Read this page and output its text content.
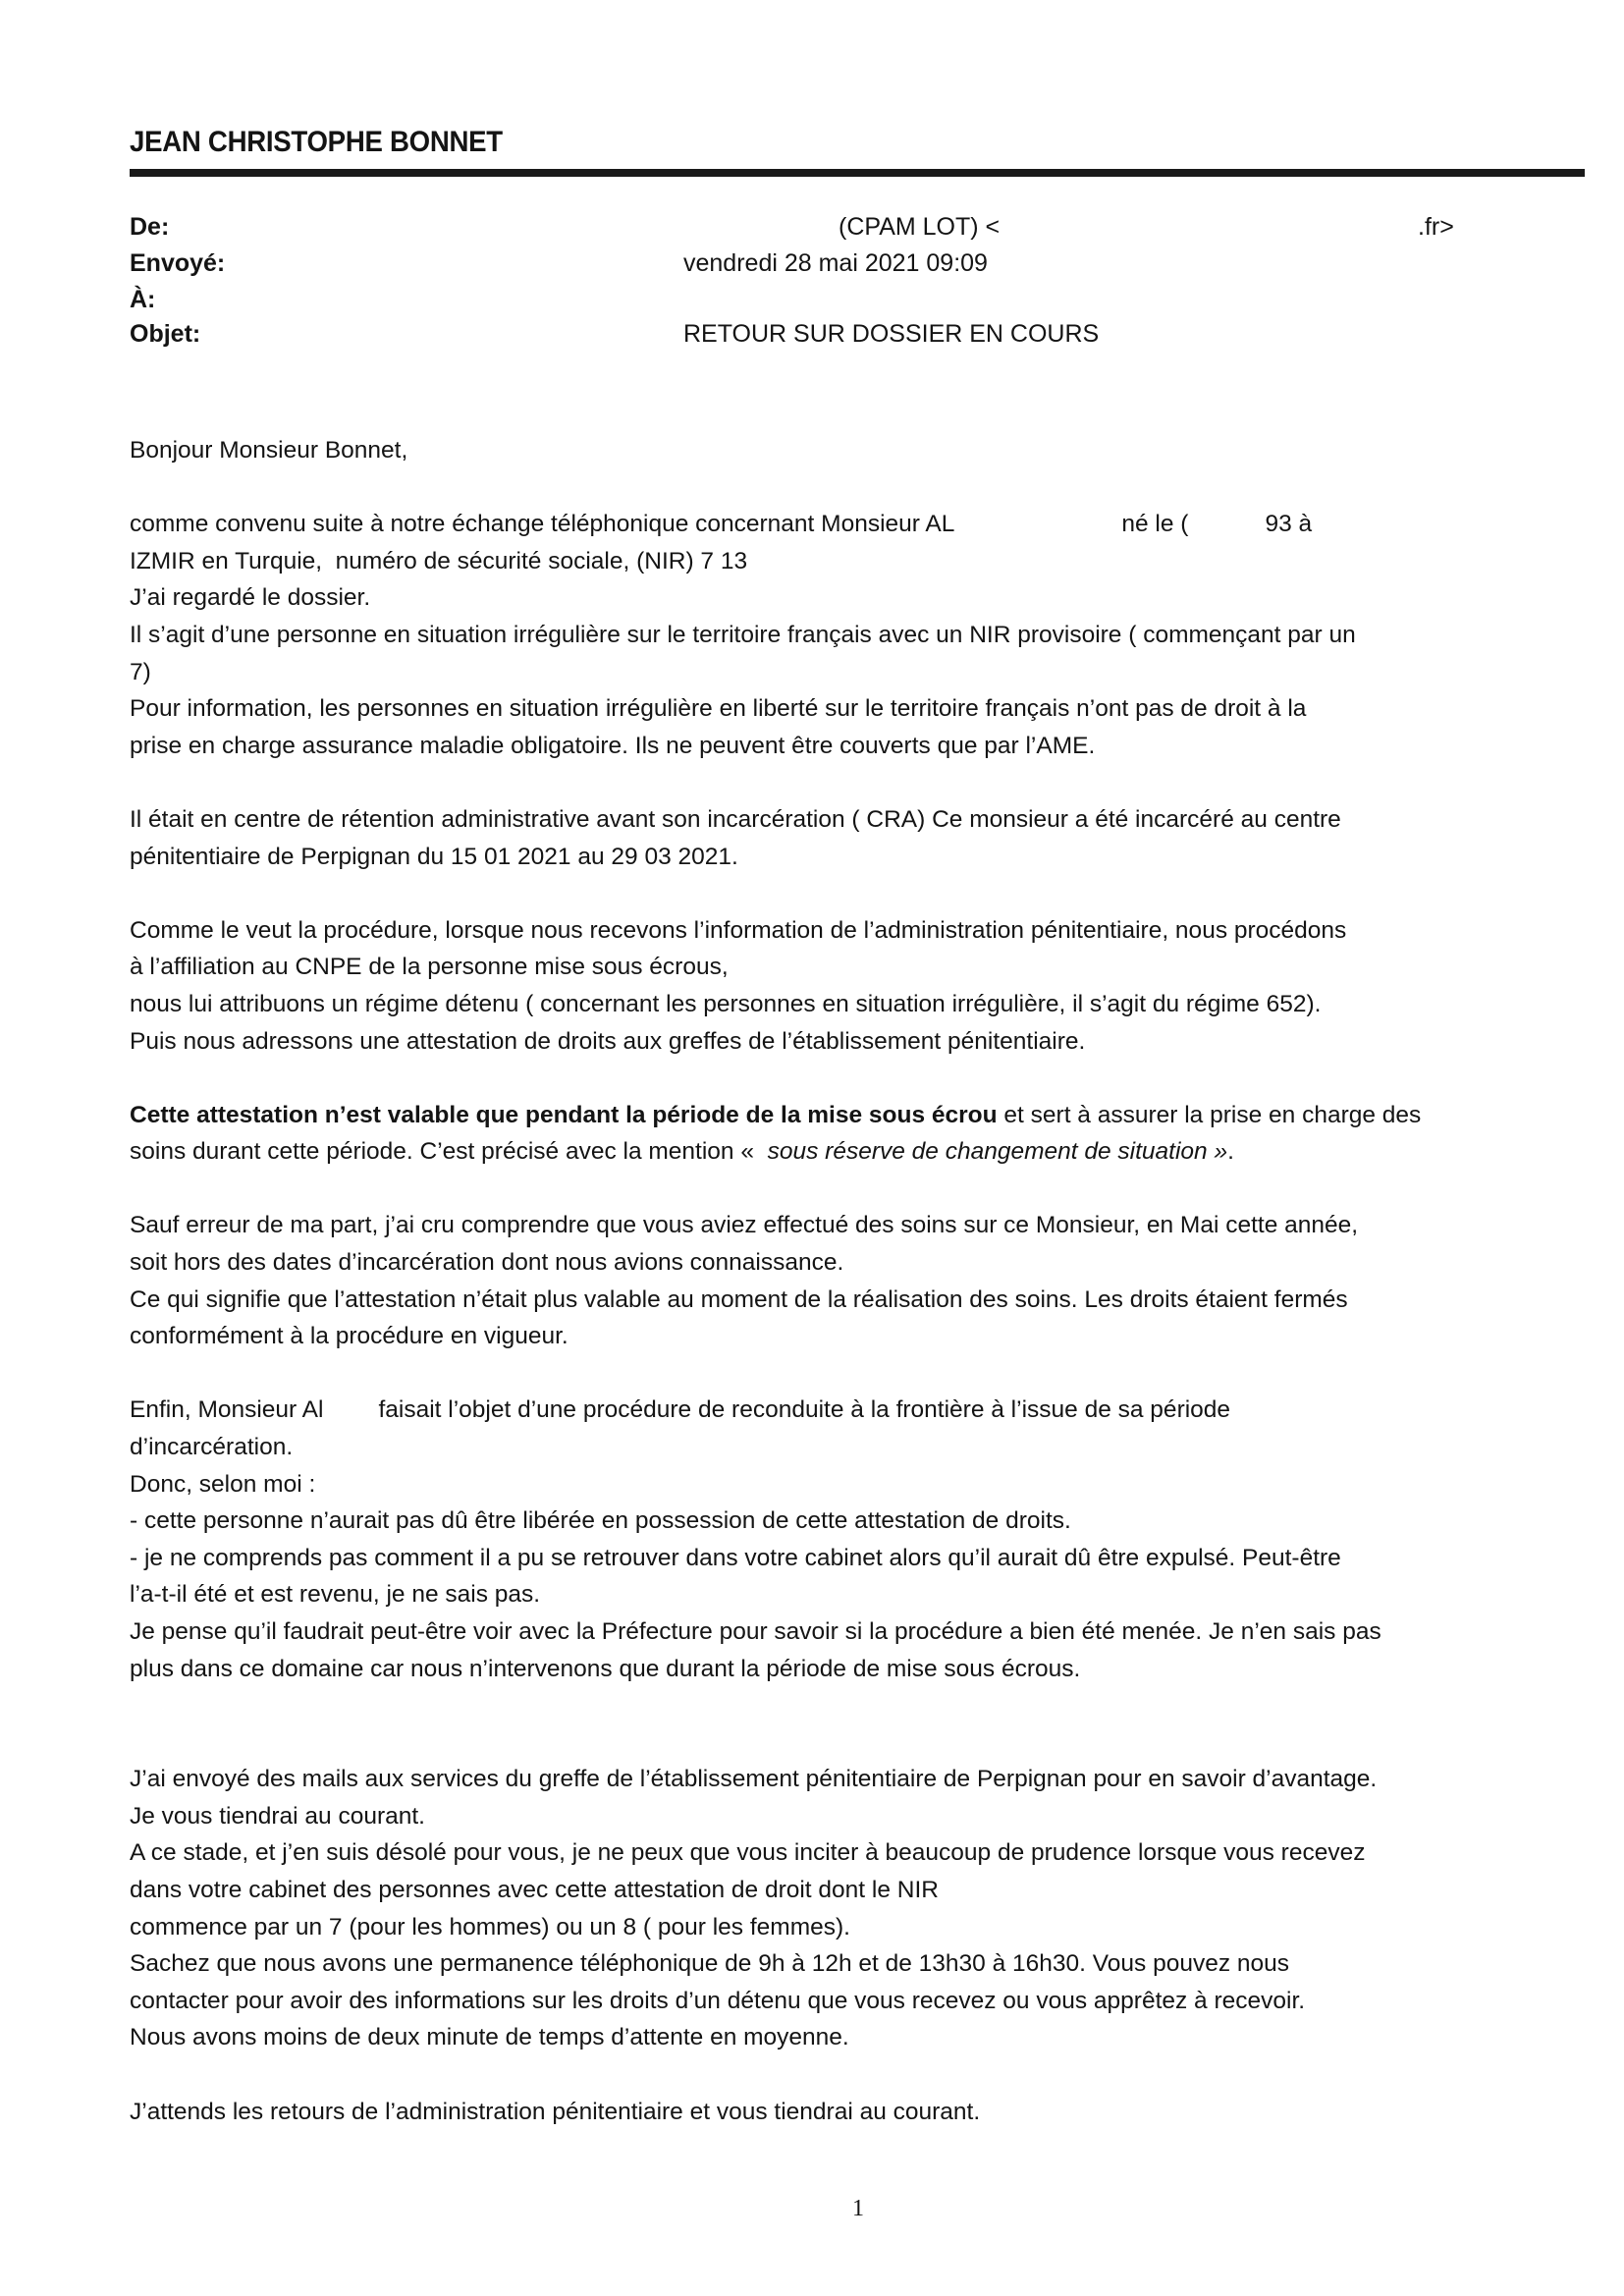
JEAN CHRISTOPHE BONNET
De:	(CPAM LOT) <	.fr>
Envoyé:	vendredi 28 mai 2021 09:09
À:
Objet:	RETOUR SUR DOSSIER EN COURS
Bonjour Monsieur Bonnet,
comme convenu suite à notre échange téléphonique concernant Monsieur AL	né le (	93 à
IZMIR en Turquie,  numéro de sécurité sociale, (NIR) 7 13
J’ai regardé le dossier.
Il s’agit d’une personne en situation irrégulière sur le territoire français avec un NIR provisoire ( commençant par un
7)
Pour information, les personnes en situation irrégulière en liberté sur le territoire français n’ont pas de droit à la
prise en charge assurance maladie obligatoire. Ils ne peuvent être couverts que par l’AME.
Il était en centre de rétention administrative avant son incarcération ( CRA) Ce monsieur a été incarcéré au centre
pénitentiaire de Perpignan du 15 01 2021 au 29 03 2021.
Comme le veut la procédure, lorsque nous recevons l’information de l’administration pénitentiaire, nous procédons
à l’affiliation au CNPE de la personne mise sous écrous,
nous lui attribuons un régime détenu ( concernant les personnes en situation irrégulière, il s’agit du régime 652).
Puis nous adressons une attestation de droits aux greffes de l’établissement pénitentiaire.
Cette attestation n’est valable que pendant la période de la mise sous écrou et sert à assurer la prise en charge des
soins durant cette période. C’est précisé avec la mention «  sous réserve de changement de situation ».
Sauf erreur de ma part, j’ai cru comprendre que vous aviez effectué des soins sur ce Monsieur, en Mai cette année,
soit hors des dates d’incarcération dont nous avions connaissance.
Ce qui signifie que l’attestation n’était plus valable au moment de la réalisation des soins. Les droits étaient fermés
conformément à la procédure en vigueur.
Enfin, Monsieur Al faisait l’objet d’une procédure de reconduite à la frontière à l’issue de sa période
d’incarcération.
Donc, selon moi :
- cette personne n’aurait pas dû être libérée en possession de cette attestation de droits.
- je ne comprends pas comment il a pu se retrouver dans votre cabinet alors qu’il aurait dû être expulsé. Peut-être
l’a-t-il été et est revenu, je ne sais pas.
Je pense qu’il faudrait peut-être voir avec la Préfecture pour savoir si la procédure a bien été menée. Je n’en sais pas
plus dans ce domaine car nous n’intervenons que durant la période de mise sous écrous.
J’ai envoyé des mails aux services du greffe de l’établissement pénitentiaire de Perpignan pour en savoir d’avantage.
Je vous tiendrai au courant.
A ce stade, et j’en suis désolé pour vous, je ne peux que vous inciter à beaucoup de prudence lorsque vous recevez
dans votre cabinet des personnes avec cette attestation de droit dont le NIR
commence par un 7 (pour les hommes) ou un 8 ( pour les femmes).
Sachez que nous avons une permanence téléphonique de 9h à 12h et de 13h30 à 16h30. Vous pouvez nous
contacter pour avoir des informations sur les droits d’un détenu que vous recevez ou vous apprêtez à recevoir.
Nous avons moins de deux minute de temps d’attente en moyenne.
J’attends les retours de l’administration pénitentiaire et vous tiendrai au courant.
1
